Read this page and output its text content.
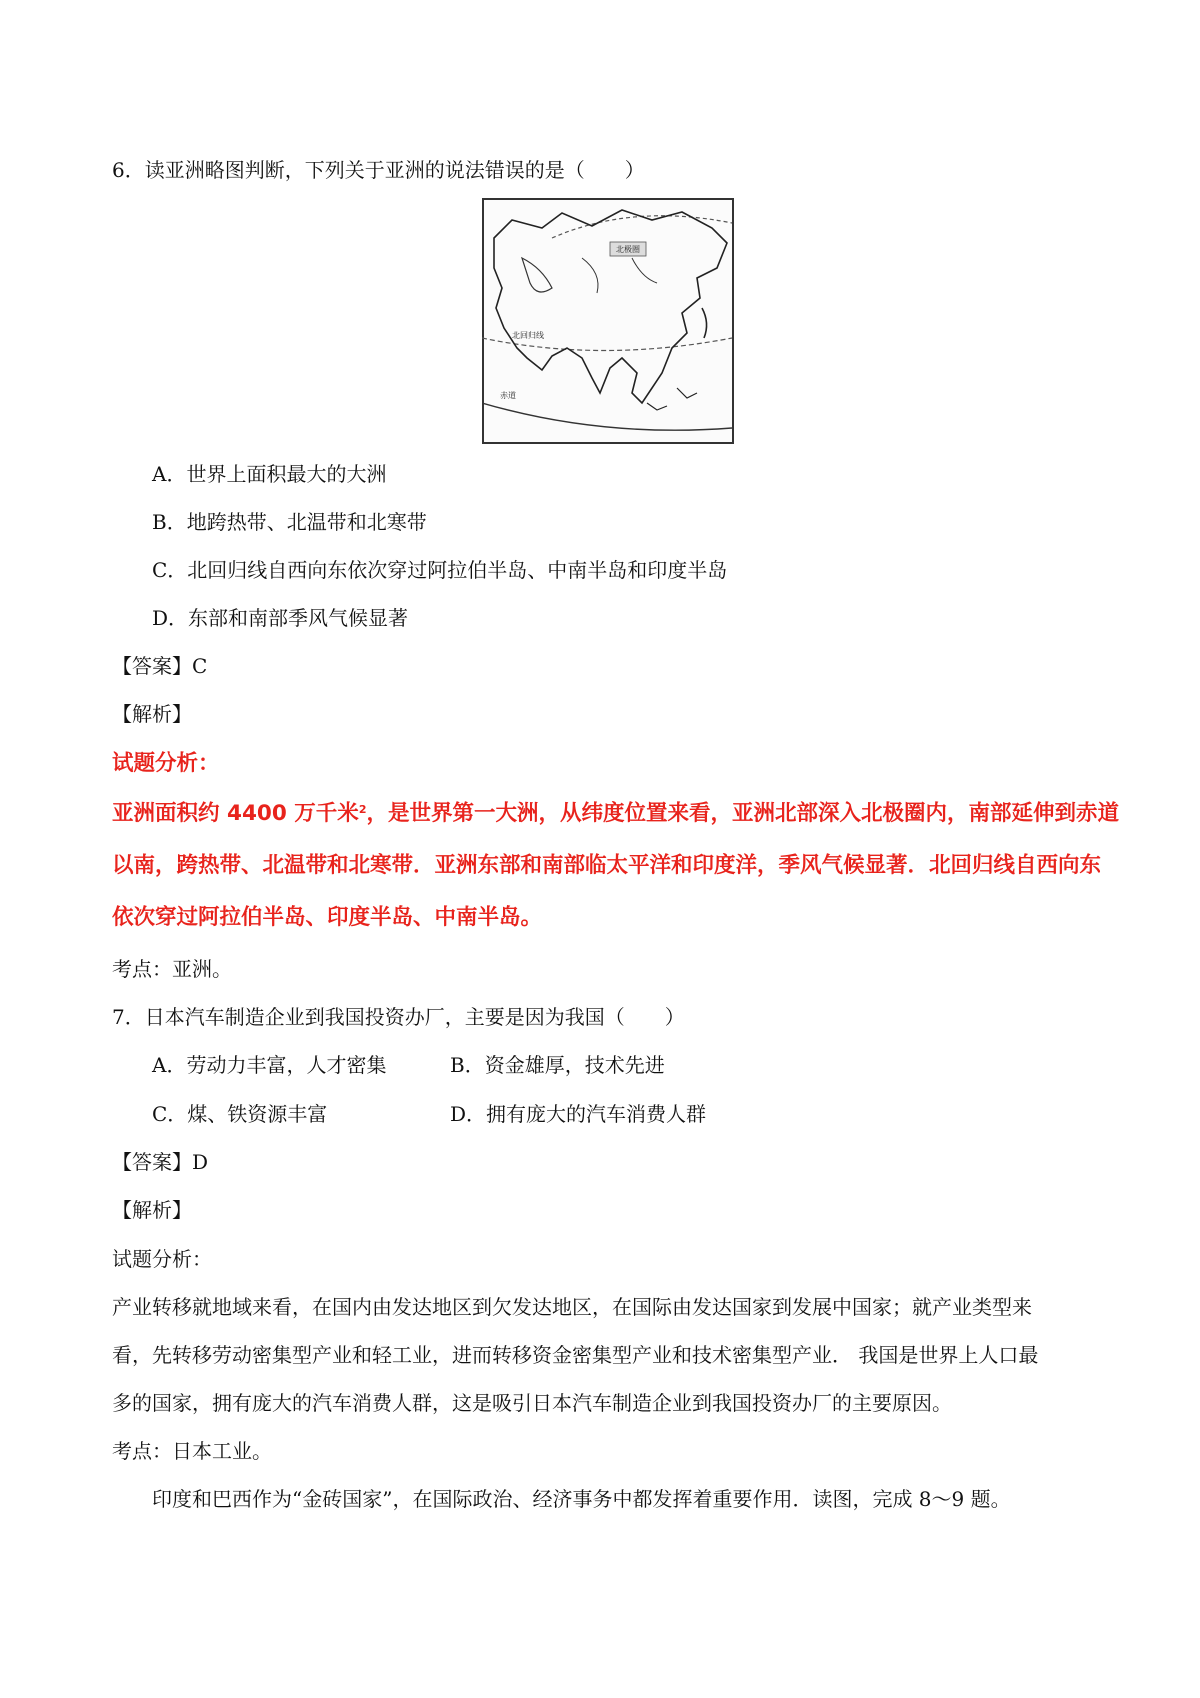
6．读亚洲略图判断，下列关于亚洲的说法错误的是（　　）
北极圈
北回归线
赤道
A．世界上面积最大的大洲
B．地跨热带、北温带和北寒带
C．北回归线自西向东依次穿过阿拉伯半岛、中南半岛和印度半岛
D．东部和南部季风气候显著
【答案】C
【解析】
试题分析：
亚洲面积约 4400 万千米$^2$，是世界第一大洲，从纬度位置来看，亚洲北部深入北极圈内，南部延伸到赤道
以南，跨热带、北温带和北寒带．亚洲东部和南部临太平洋和印度洋，季风气候显著．北回归线自西向东
依次穿过阿拉伯半岛、印度半岛、中南半岛。
考点：亚洲。
7．日本汽车制造企业到我国投资办厂，主要是因为我国（　　）
A．劳动力丰富，人才密集	B．资金雄厚，技术先进
C．煤、铁资源丰富	D．拥有庞大的汽车消费人群
【答案】D
【解析】
试题分析：
产业转移就地域来看，在国内由发达地区到欠发达地区，在国际由发达国家到发展中国家；就产业类型来
看，先转移劳动密集型产业和轻工业，进而转移资金密集型产业和技术密集型产业． 我国是世界上人口最
多的国家，拥有庞大的汽车消费人群，这是吸引日本汽车制造企业到我国投资办厂的主要原因。
考点：日本工业。
印度和巴西作为“金砖国家”，在国际政治、经济事务中都发挥着重要作用．读图，完成 8～9 题。
